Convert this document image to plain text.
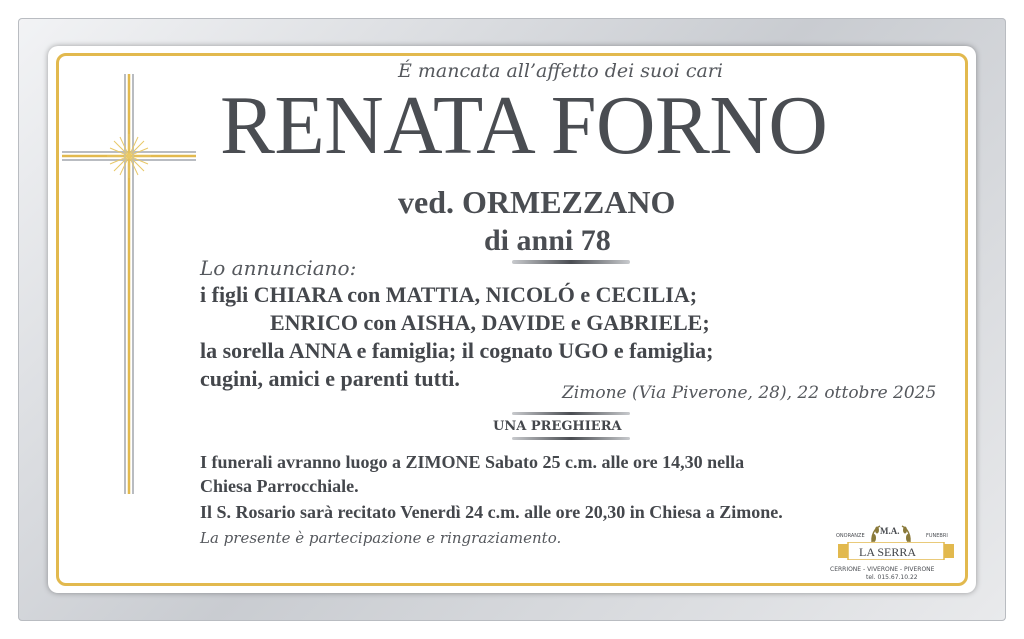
É mancata all’affetto dei suoi cari
RENATA FORNO
ved. ORMEZZANO
di anni 78
Lo annunciano:
i figli CHIARA con MATTIA, NICOLÓ e CECILIA;
ENRICO con AISHA, DAVIDE e GABRIELE;
la sorella ANNA e famiglia; il cognato UGO e famiglia;
cugini, amici e parenti tutti.
Zimone (Via Piverone, 28), 22 ottobre 2025
UNA PREGHIERA
I funerali avranno luogo a ZIMONE Sabato 25 c.m. alle ore 14,30 nella
Chiesa Parrocchiale.
Il S. Rosario sarà recitato Venerdì 24 c.m. alle ore 20,30 in Chiesa a Zimone.
La presente è partecipazione e ringraziamento.	ONORANZE	FUNEBRI
M.A.
LA SERRA
CERRIONE - VIVERONE - PIVERONE
tel. 015.67.10.22
